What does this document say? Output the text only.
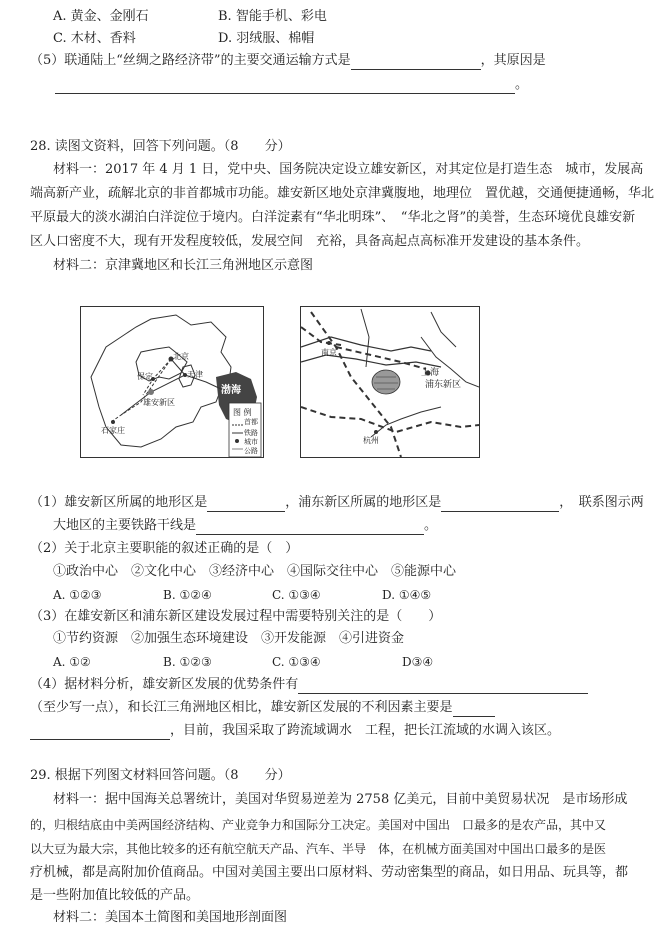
A. 黄金、金刚石	B. 智能手机、彩电
C. 木材、香料	D. 羽绒服、棉帽
（5）联通陆上“丝绸之路经济带”的主要交通运输方式是	，其原因是
。
28. 读图文资料，回答下列问题。（8　　分）
材料一：2017 年 4 月 1 日，党中央、国务院决定设立雄安新区，对其定位是打造生态　城市，发展高
端高新产业，疏解北京的非首都城市功能。雄安新区地处京津冀腹地，地理位　置优越，交通便捷通畅，华北
平原最大的淡水湖泊白洋淀位于境内。白洋淀素有“华北明珠”、　“华北之肾”的美誉，生态环境优良雄安新
区人口密度不大，现有开发程度较低，发展空间　充裕，具备高起点高标准开发建设的基本条件。
材料二：京津冀地区和长江三角洲地区示意图
北京
天津
保定
雄安新区
石家庄
渤海
图 例
首都
铁路
城市
公路
南京
上海
浦东新区
杭州
（1）雄安新区所属的地形区是	，浦东新区所属的地形区是	，　联系图示两
大地区的主要铁路干线是	。
（2）关于北京主要职能的叙述正确的是（　）
①政治中心　②文化中心　③经济中心　④国际交往中心　⑤能源中心
A. ①②③	B. ①②④	C. ①③④	D. ①④⑤
（3）在雄安新区和浦东新区建设发展过程中需要特别关注的是（　　）
①节约资源　②加强生态环境建设　③开发能源　④引进资金
A. ①②	B. ①②③	C. ①③④	D③④
（4）据材料分析，雄安新区发展的优势条件有
（至少写一点），和长江三角洲地区相比，雄安新区发展的不利因素主要是
，目前，我国采取了跨流域调水　工程，把长江流域的水调入该区。
29. 根据下列图文材料回答问题。（8　　分）
材料一：据中国海关总署统计，美国对华贸易逆差为 2758 亿美元，目前中美贸易状况　是市场形成
的，归根结底由中美两国经济结构、产业竞争力和国际分工决定。美国对中国出　口最多的是农产品，其中又
以大豆为最大宗，其他比较多的还有航空航天产品、汽车、半导　体，在机械方面美国对中国出口最多的是医
疗机械，都是高附加价值商品。中国对美国主要出口原材料、劳动密集型的商品，如日用品、玩具等，都
是一些附加值比较低的产品。
材料二：美国本土简图和美国地形剖面图
